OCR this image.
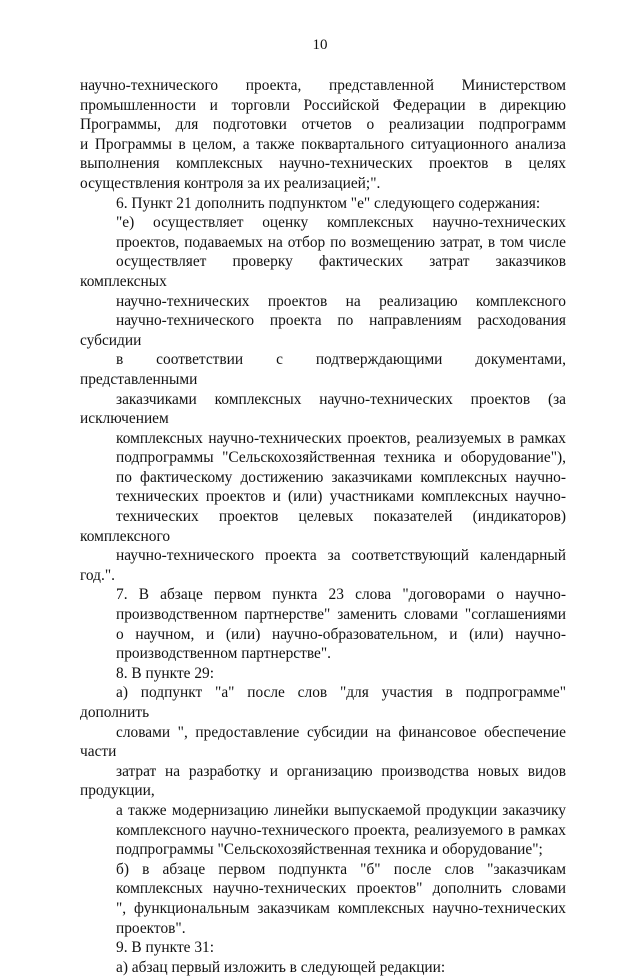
10

научно-технического проекта, представленной Министерством
промышленности и торговли Российской Федерации в дирекцию
Программы, для подготовки отчетов о реализации подпрограмм
и Программы в целом, а также поквартального ситуационного анализа
выполнения комплексных научно-технических проектов в целях
осуществления контроля за их реализацией;".

6. Пункт 21 дополнить подпунктом "е" следующего содержания:

"е) осуществляет оценку комплексных научно-технических
проектов, подаваемых на отбор по возмещению затрат, в том числе
осуществляет проверку фактических затрат заказчиков комплексных
научно-технических проектов на реализацию комплексного
научно-технического проекта по направлениям расходования субсидии
в соответствии с подтверждающими документами, представленными
заказчиками комплексных научно-технических проектов (за исключением
комплексных научно-технических проектов, реализуемых в рамках
подпрограммы "Сельскохозяйственная техника и оборудование"),
по фактическому достижению заказчиками комплексных научно-
технических проектов и (или) участниками комплексных научно-
технических проектов целевых показателей (индикаторов) комплексного
научно-технического проекта за соответствующий календарный год.".

7. В абзаце первом пункта 23 слова "договорами о научно-
производственном партнерстве" заменить словами "соглашениями
о научном, и (или) научно-образовательном, и (или) научно-
производственном партнерстве".

8. В пункте 29:

а) подпункт "а" после слов "для участия в подпрограмме" дополнить
словами ", предоставление субсидии на финансовое обеспечение части
затрат на разработку и организацию производства новых видов продукции,
а также модернизацию линейки выпускаемой продукции заказчику
комплексного научно-технического проекта, реализуемого в рамках
подпрограммы "Сельскохозяйственная техника и оборудование";

б) в абзаце первом подпункта "б" после слов "заказчикам
комплексных научно-технических проектов" дополнить словами
", функциональным заказчикам комплексных научно-технических
проектов".

9. В пункте 31:

а) абзац первый изложить в следующей редакции:
